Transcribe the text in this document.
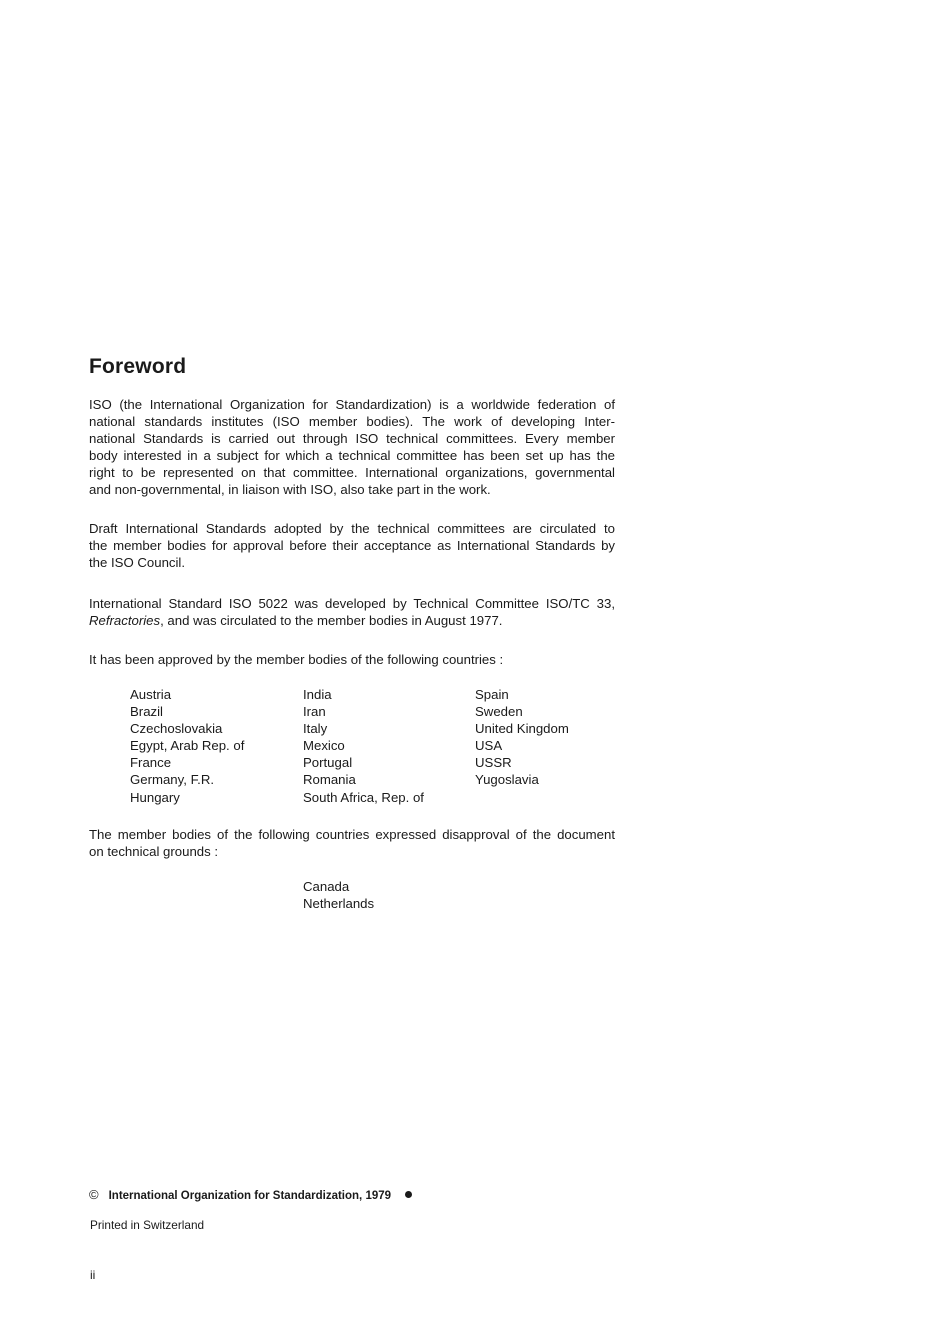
Foreword

ISO (the International Organization for Standardization) is a worldwide federation of
national standards institutes (ISO member bodies). The work of developing Inter-
national Standards is carried out through ISO technical committees. Every member
body interested in a subject for which a technical committee has been set up has the
right to be represented on that committee. International organizations, governmental
and non-governmental, in liaison with ISO, also take part in the work.

Draft International Standards adopted by the technical committees are circulated to
the member bodies for approval before their acceptance as International Standards by
the ISO Council.

International Standard ISO 5022 was developed by Technical Committee ISO/TC 33,
Refractories, and was circulated to the member bodies in August 1977.

It has been approved by the member bodies of the following countries :

Austria
Brazil
Czechoslovakia
Egypt, Arab Rep. of
France
Germany, F.R.
Hungary
India
Iran
Italy
Mexico
Portugal
Romania
South Africa, Rep. of
Spain
Sweden
United Kingdom
USA
USSR
Yugoslavia

The member bodies of the following countries expressed disapproval of the document
on technical grounds :

Canada
Netherlands
© International Organization for Standardization, 1979
Printed in Switzerland
ii
